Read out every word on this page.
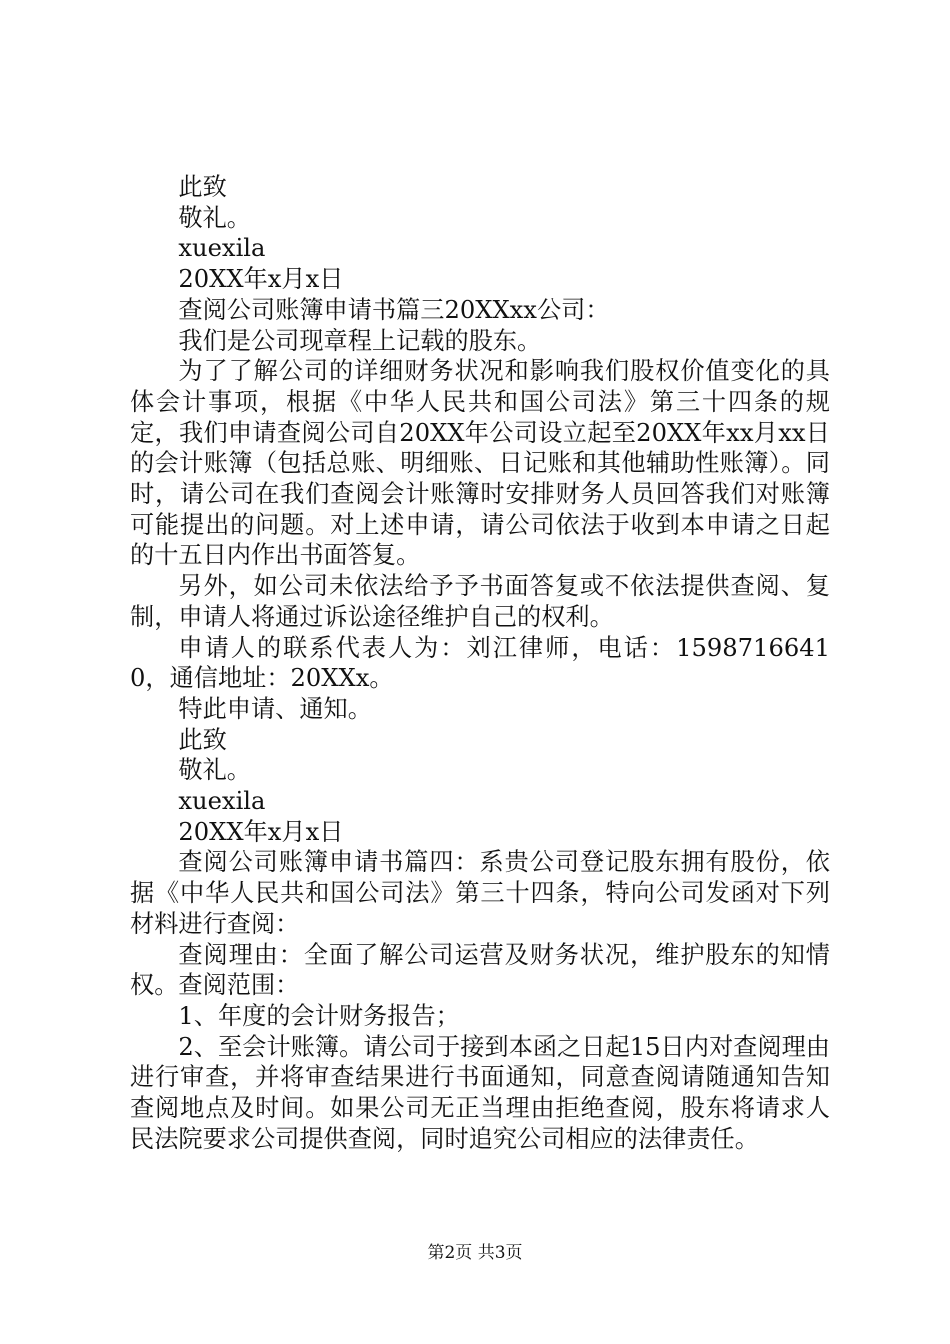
此致

敬礼。

xuexila

20XX年x月x日

查阅公司账簿申请书篇三20XXxx公司：

我们是公司现章程上记载的股东。

为了了解公司的详细财务状况和影响我们股权价值变化的具体会计事项，根据《中华人民共和国公司法》第三十四条的规定，我们申请查阅公司自20XX年公司设立起至20XX年xx月xx日的会计账簿（包括总账、明细账、日记账和其他辅助性账簿）。同时，请公司在我们查阅会计账簿时安排财务人员回答我们对账簿可能提出的问题。对上述申请，请公司依法于收到本申请之日起的十五日内作出书面答复。

另外，如公司未依法给予予书面答复或不依法提供查阅、复制，申请人将通过诉讼途径维护自己的权利。

申请人的联系代表人为：刘江律师，电话：15987166410，通信地址：20XXx。

特此申请、通知。

此致

敬礼。

xuexila

20XX年x月x日

查阅公司账簿申请书篇四：系贵公司登记股东拥有股份，依据《中华人民共和国公司法》第三十四条，特向公司发函对下列材料进行查阅：

查阅理由：全面了解公司运营及财务状况，维护股东的知情权。查阅范围：

1、年度的会计财务报告；

2、至会计账簿。请公司于接到本函之日起15日内对查阅理由进行审查，并将审查结果进行书面通知，同意查阅请随通知告知查阅地点及时间。如果公司无正当理由拒绝查阅，股东将请求人民法院要求公司提供查阅，同时追究公司相应的法律责任。

第2页 共3页
